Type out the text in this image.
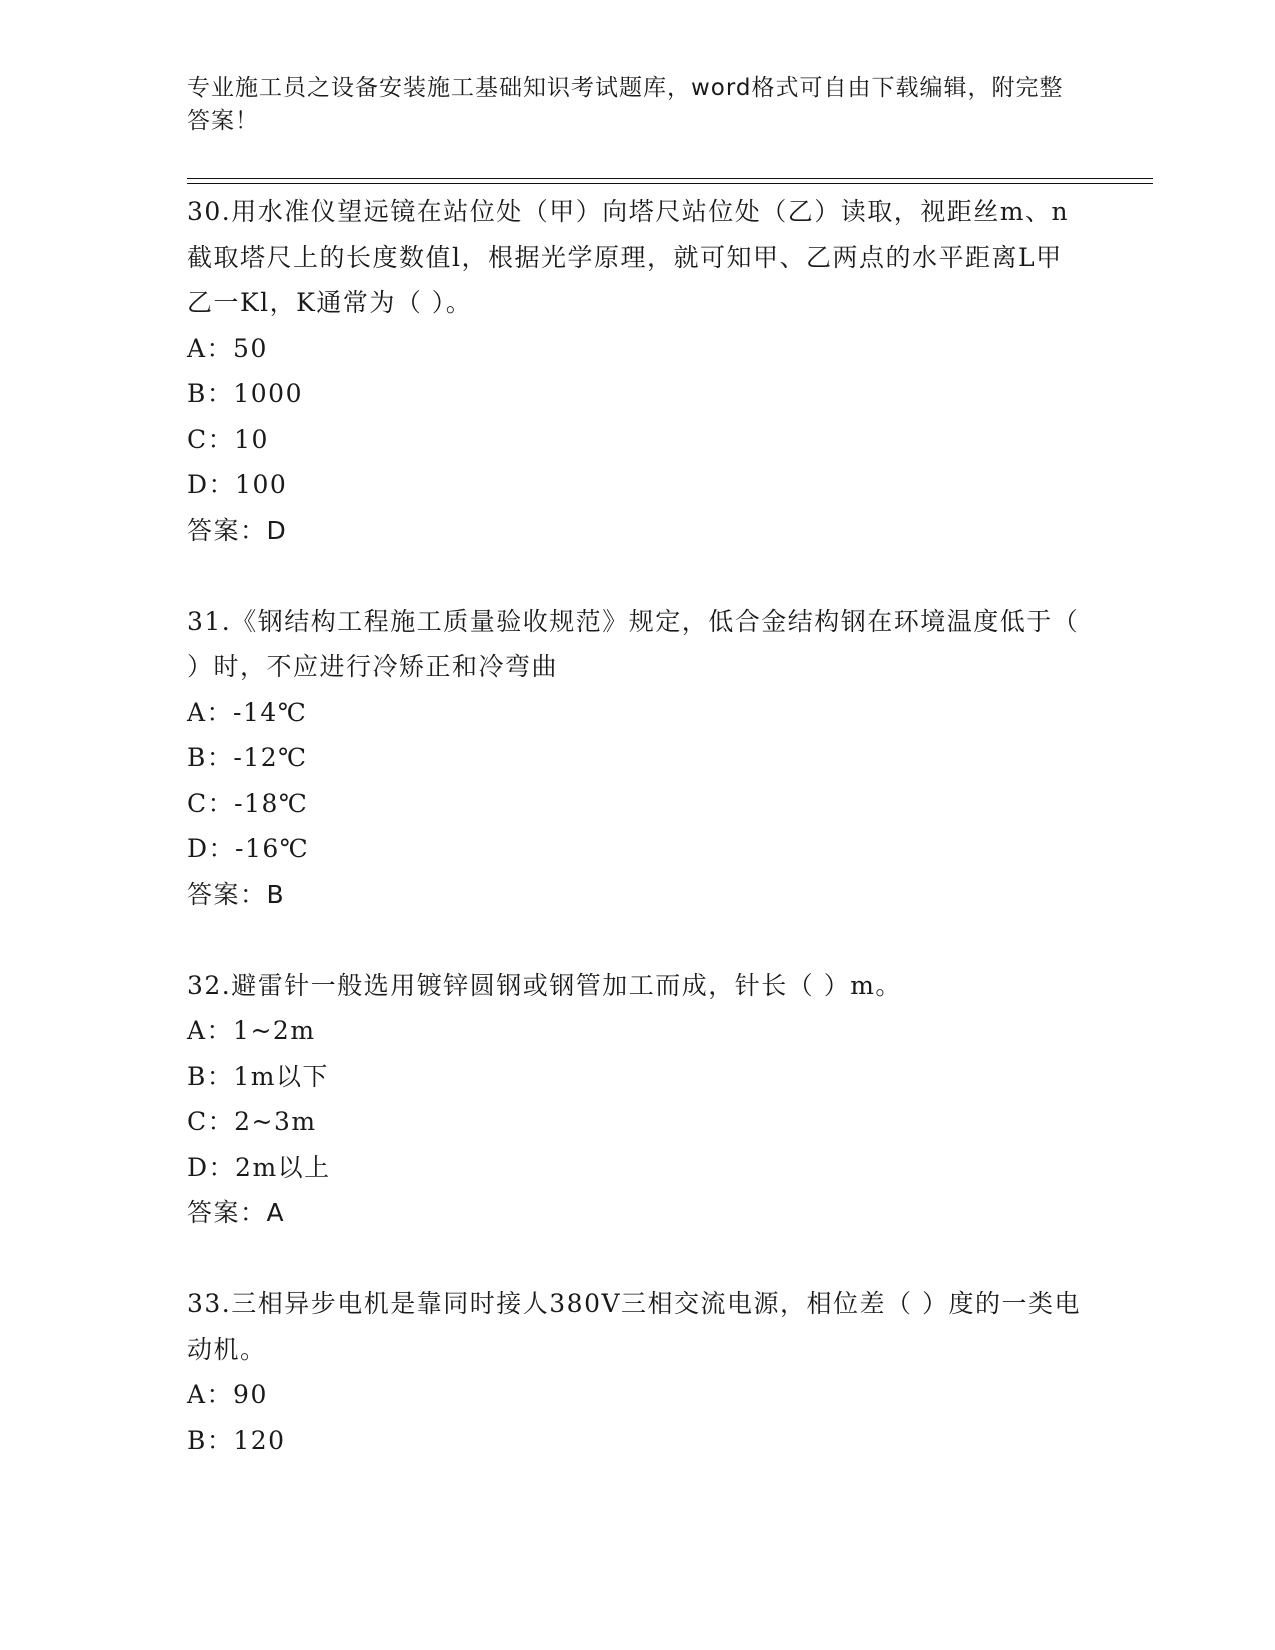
专业施工员之设备安装施工基础知识考试题库，word格式可自由下载编辑，附完整答案！

30.用水准仪望远镜在站位处（甲）向塔尺站位处（乙）读取，视距丝m、n截取塔尺上的长度数值l，根据光学原理，就可知甲、乙两点的水平距离L甲乙一Kl，K通常为（ ）。

A：50

B：1000

C：10

D：100

答案：D

31.《钢结构工程施工质量验收规范》规定，低合金结构钢在环境温度低于（ ）时，不应进行冷矫正和冷弯曲

A：-14℃

B：-12℃

C：-18℃

D：-16℃

答案：B

32.避雷针一般选用镀锌圆钢或钢管加工而成，针长（ ）m。

A：1~2m

B：1m以下

C：2~3m

D：2m以上

答案：A

33.三相异步电机是靠同时接人380V三相交流电源，相位差（ ）度的一类电动机。

A：90

B：120
